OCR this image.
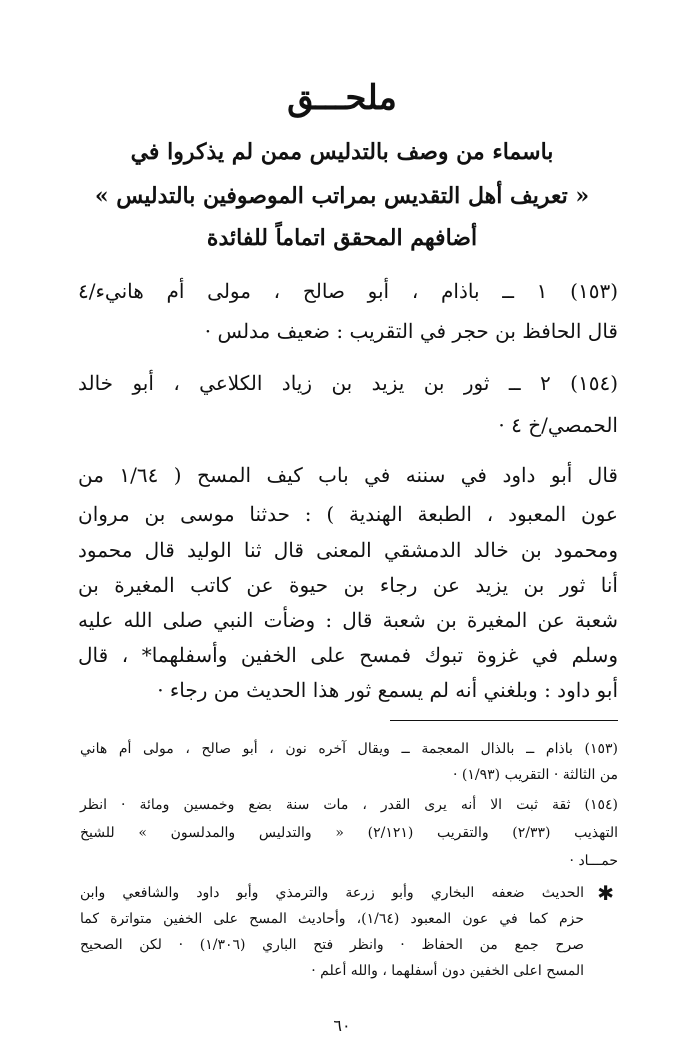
ملحـــق
باسماء من وصف بالتدليس ممن لم يذكروا في
« تعريف أهل التقديس بمراتب الموصوفين بالتدليس »
أضافهم المحقق اتماماً للفائدة
(١٥٣) ١ ــ باذام ، أبو صالح ، مولى أم هانيء/٤
قال الحافظ بن حجر في التقريب : ضعيف مدلس ·
(١٥٤) ٢ ــ ثور بن يزيد بن زياد الكلاعي ، أبو خالد
الحمصي/خ ٤ ·
قال أبو داود في سننه في باب كيف المسح ( ١/٦٤ من
عون المعبود ، الطبعة الهندية ) : حدثنا موسى بن مروان
ومحمود بن خالد الدمشقي المعنى قال ثنا الوليد قال محمود
أنا ثور بن يزيد عن رجاء بن حيوة عن كاتب المغيرة بن
شعبة عن المغيرة بن شعبة قال : وضأت النبي صلى الله عليه
وسلم في غزوة تبوك فمسح على الخفين وأسفلهما* ، قال
أبو داود : وبلغني أنه لم يسمع ثور هذا الحديث من رجاء ·
(١٥٣) باذام ــ بالذال المعجمة ــ ويقال آخره نون ، أبو صالح ، مولى أم هاني
من الثالثة · التقريب (١/٩٣) ·
(١٥٤) ثقة ثبت الا أنه يرى القدر ، مات سنة بضع وخمسين ومائة · انظر
التهذيب (٢/٣٣) والتقريب (٢/١٢١) « والتدليس والمدلسون » للشيخ
حمـــاد ·
✱
الحديث ضعفه البخاري وأبو زرعة والترمذي وأبو داود والشافعي وابن
حزم كما في عون المعبود (١/٦٤)، وأحاديث المسح على الخفين متواترة كما
صرح جمع من الحفاظ · وانظر فتح الباري (١/٣٠٦) · لكن الصحيح
المسح اعلى الخفين دون أسفلهما ، والله أعلم ·
٦٠
